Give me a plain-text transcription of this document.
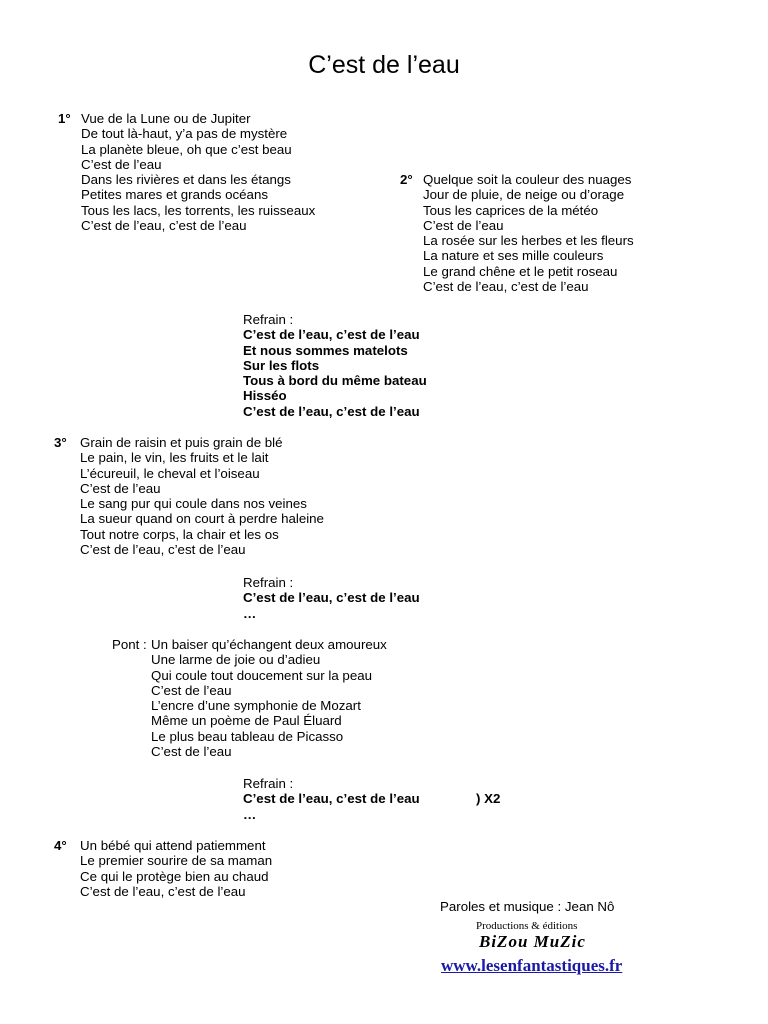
C’est de l’eau
1° Vue de la Lune ou de Jupiter
De tout là-haut, y’a pas de mystère
La planète bleue, oh que c’est beau
C’est de l’eau
Dans les rivières et dans les étangs
Petites mares et grands océans
Tous les lacs, les torrents, les ruisseaux
C’est de l’eau, c’est de l’eau
2° Quelque soit la couleur des nuages
Jour de pluie, de neige ou d’orage
Tous les caprices de la météo
C’est de l’eau
La rosée sur les herbes et les fleurs
La nature et ses mille couleurs
Le grand chêne et le petit roseau
C’est de l’eau, c’est de l’eau
Refrain :
C’est de l’eau, c’est de l’eau
Et nous sommes matelots
Sur les flots
Tous à bord du même bateau
Hisséo
C’est de l’eau, c’est de l’eau
3° Grain de raisin et puis grain de blé
Le pain, le vin, les fruits et le lait
L’écureuil, le cheval et l’oiseau
C’est de l’eau
Le sang pur qui coule dans nos veines
La sueur quand on court à perdre haleine
Tout notre corps, la chair et les os
C’est de l’eau, c’est de l’eau
Refrain :
C’est de l’eau, c’est de l’eau
…
Pont : Un baiser qu’échangent deux amoureux
Une larme de joie ou d’adieu
Qui coule tout doucement sur la peau
C’est de l’eau
L’encre d’une symphonie de Mozart
Même un poème de Paul Éluard
Le plus beau tableau de Picasso
C’est de l’eau
Refrain :
C’est de l’eau, c’est de l’eau
…
) X2
4° Un bébé qui attend patiemment
Le premier sourire de sa maman
Ce qui le protège bien au chaud
C’est de l’eau, c’est de l’eau
Paroles et musique : Jean Nô
Productions & éditions
BiZou MuZic
www.lesenfantastiques.fr
